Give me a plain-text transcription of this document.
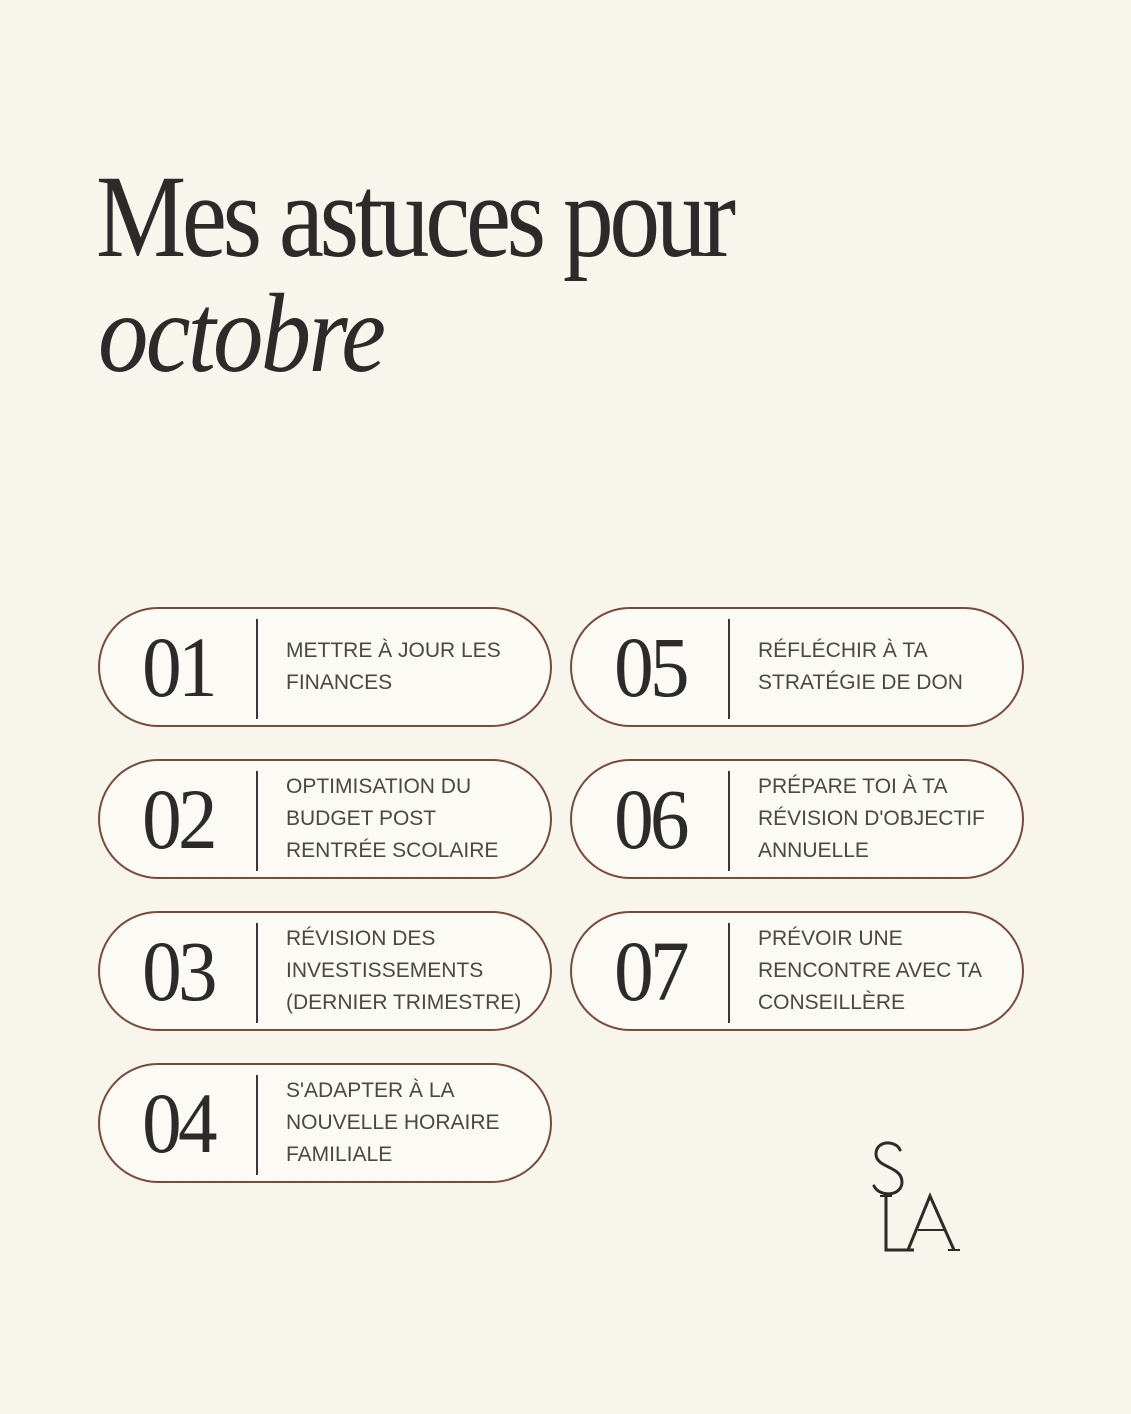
Mes astuces pour
octobre
01	METTRE À JOUR LES
FINANCES
02	OPTIMISATION DU
BUDGET POST
RENTRÉE SCOLAIRE
03	RÉVISION DES
INVESTISSEMENTS
(DERNIER TRIMESTRE)
04	S'ADAPTER À LA
NOUVELLE HORAIRE
FAMILIALE
05	RÉFLÉCHIR À TA
STRATÉGIE DE DON
06	PRÉPARE TOI À TA
RÉVISION D'OBJECTIF
ANNUELLE
07	PRÉVOIR UNE
RENCONTRE AVEC TA
CONSEILLÈRE
